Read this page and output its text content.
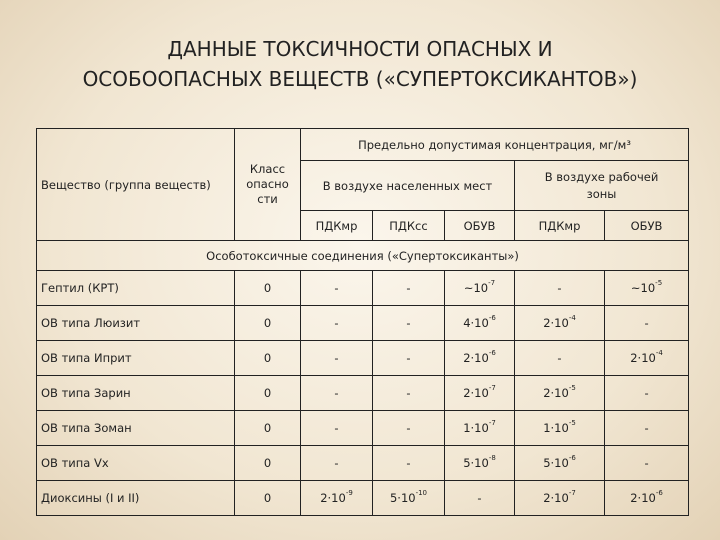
ДАННЫЕ ТОКСИЧНОСТИ ОПАСНЫХ И
ОСОБООПАСНЫХ ВЕЩЕСТВ («СУПЕРТОКСИКАНТОВ»)
Вещество (группа веществ)	Класс опасно сти	Предельно допустимая концентрация, мг/м³				
		В воздухе населенных мест			В воздухе рабочей зоны	

		ПДКмр	ПДКсс	ОБУВ	ПДКмр	ОБУВ
Особотоксичные соединения («Супертоксиканты»)						
Гептил (КРТ)	0	-	-	$\sim 10^{-7}$	-	$\sim 10^{-5}$
ОВ типа Люизит	0	-	-	$4\cdot 10^{-6}$	$2\cdot 10^{-4}$	-
ОВ типа Иприт	0	-	-	$2\cdot 10^{-6}$	-	$2\cdot 10^{-4}$
ОВ типа Зарин	0	-	-	$2\cdot 10^{-7}$	$2\cdot 10^{-5}$	-
ОВ типа Зоман	0	-	-	$1\cdot 10^{-7}$	$1\cdot 10^{-5}$	-
ОВ типа Vx	0	-	-	$5\cdot 10^{-8}$	$5\cdot 10^{-6}$	-
Диоксины (I и II)	0	$2\cdot 10^{-9}$	$5\cdot 10^{-10}$	-	$2\cdot 10^{-7}$	$2\cdot 10^{-6}$
